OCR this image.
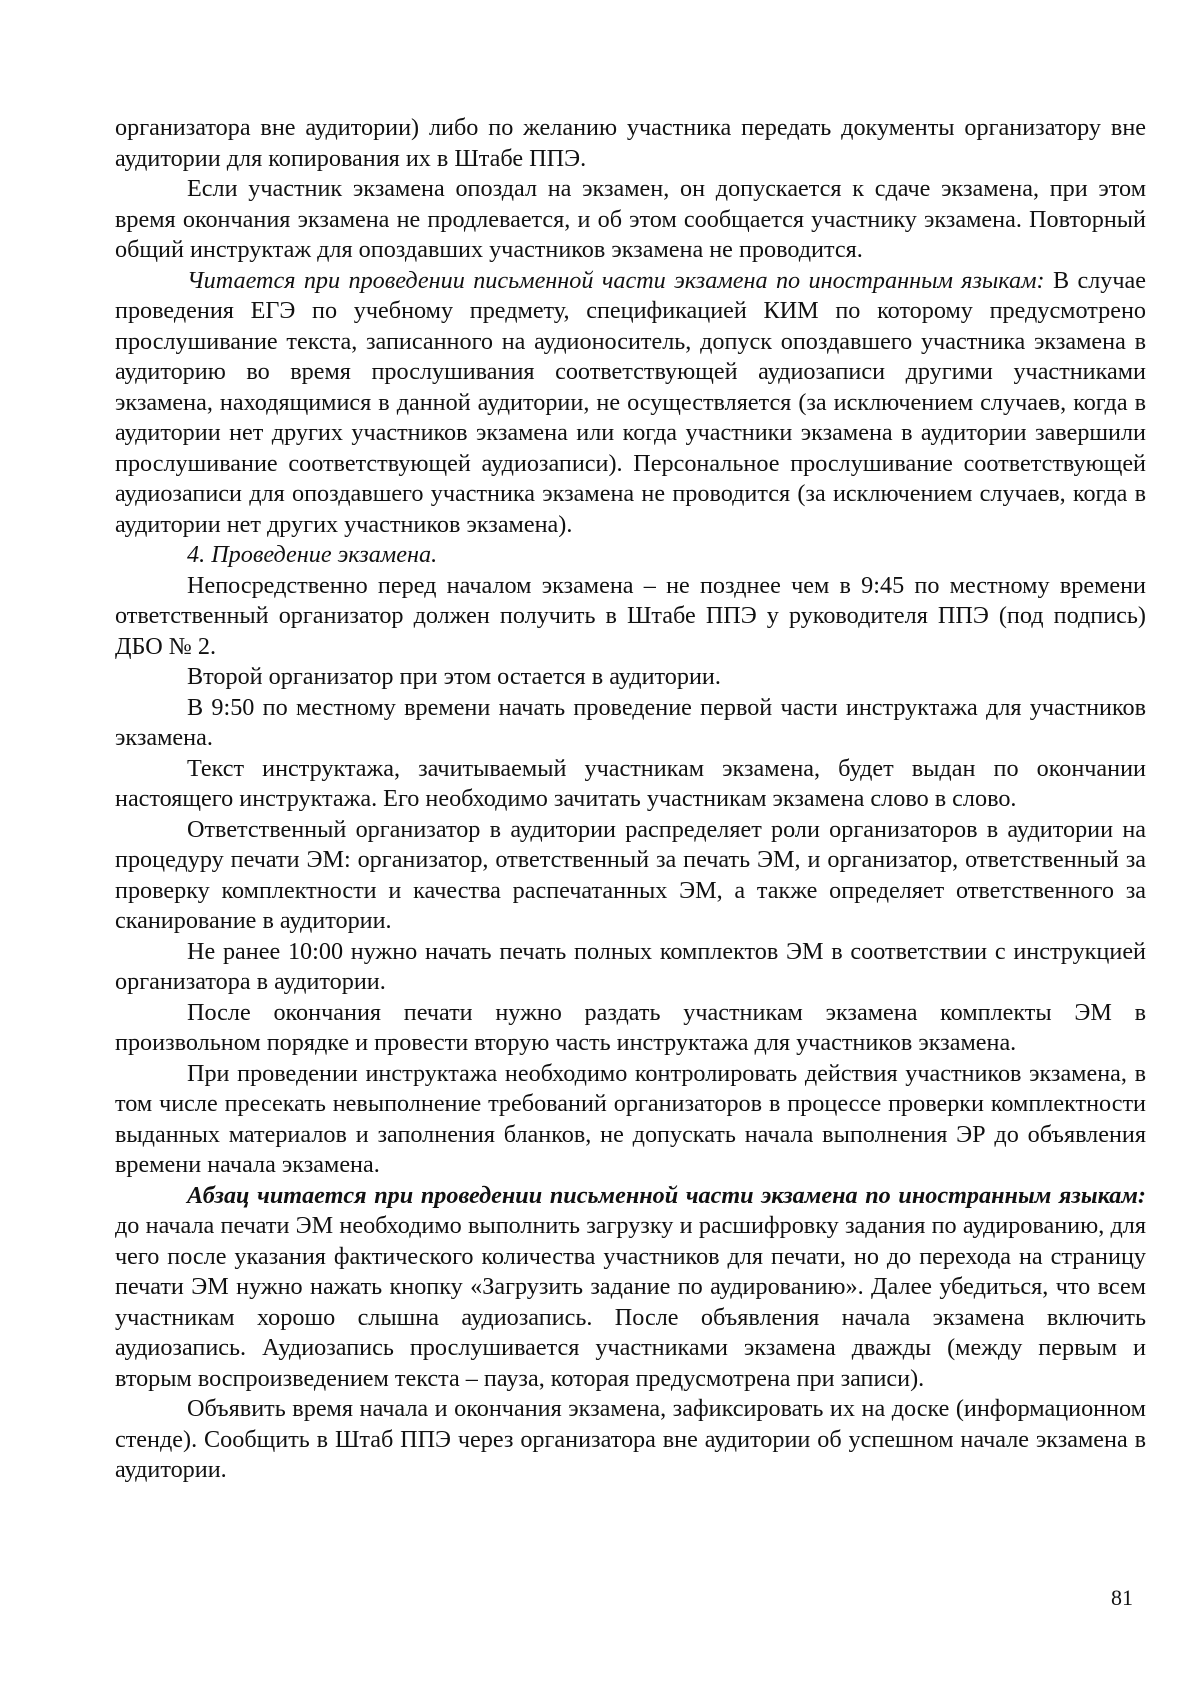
организатора вне аудитории) либо по желанию участника передать документы организатору вне аудитории для копирования их в Штабе ППЭ.

Если участник экзамена опоздал на экзамен, он допускается к сдаче экзамена, при этом время окончания экзамена не продлевается, и об этом сообщается участнику экзамена. Повторный общий инструктаж для опоздавших участников экзамена не проводится.

Читается при проведении письменной части экзамена по иностранным языкам: В случае проведения ЕГЭ по учебному предмету, спецификацией КИМ по которому предусмотрено прослушивание текста, записанного на аудионоситель, допуск опоздавшего участника экзамена в аудиторию во время прослушивания соответствующей аудиозаписи другими участниками экзамена, находящимися в данной аудитории, не осуществляется (за исключением случаев, когда в аудитории нет других участников экзамена или когда участники экзамена в аудитории завершили прослушивание соответствующей аудиозаписи). Персональное прослушивание соответствующей аудиозаписи для опоздавшего участника экзамена не проводится (за исключением случаев, когда в аудитории нет других участников экзамена).

4. Проведение экзамена.

Непосредственно перед началом экзамена – не позднее чем в 9:45 по местному времени ответственный организатор должен получить в Штабе ППЭ у руководителя ППЭ (под подпись) ДБО № 2.

Второй организатор при этом остается в аудитории.

В 9:50 по местному времени начать проведение первой части инструктажа для участников экзамена.

Текст инструктажа, зачитываемый участникам экзамена, будет выдан по окончании настоящего инструктажа. Его необходимо зачитать участникам экзамена слово в слово.

Ответственный организатор в аудитории распределяет роли организаторов в аудитории на процедуру печати ЭМ: организатор, ответственный за печать ЭМ, и организатор, ответственный за проверку комплектности и качества распечатанных ЭМ, а также определяет ответственного за сканирование в аудитории.

Не ранее 10:00 нужно начать печать полных комплектов ЭМ в соответствии с инструкцией организатора в аудитории.

После окончания печати нужно раздать участникам экзамена комплекты ЭМ в произвольном порядке и провести вторую часть инструктажа для участников экзамена.

При проведении инструктажа необходимо контролировать действия участников экзамена, в том числе пресекать невыполнение требований организаторов в процессе проверки комплектности выданных материалов и заполнения бланков, не допускать начала выполнения ЭР до объявления времени начала экзамена.

Абзац читается при проведении письменной части экзамена по иностранным языкам: до начала печати ЭМ необходимо выполнить загрузку и расшифровку задания по аудированию, для чего после указания фактического количества участников для печати, но до перехода на страницу печати ЭМ нужно нажать кнопку «Загрузить задание по аудированию». Далее убедиться, что всем участникам хорошо слышна аудиозапись. После объявления начала экзамена включить аудиозапись. Аудиозапись прослушивается участниками экзамена дважды (между первым и вторым воспроизведением текста – пауза, которая предусмотрена при записи).

Объявить время начала и окончания экзамена, зафиксировать их на доске (информационном стенде). Сообщить в Штаб ППЭ через организатора вне аудитории об успешном начале экзамена в аудитории.

81
